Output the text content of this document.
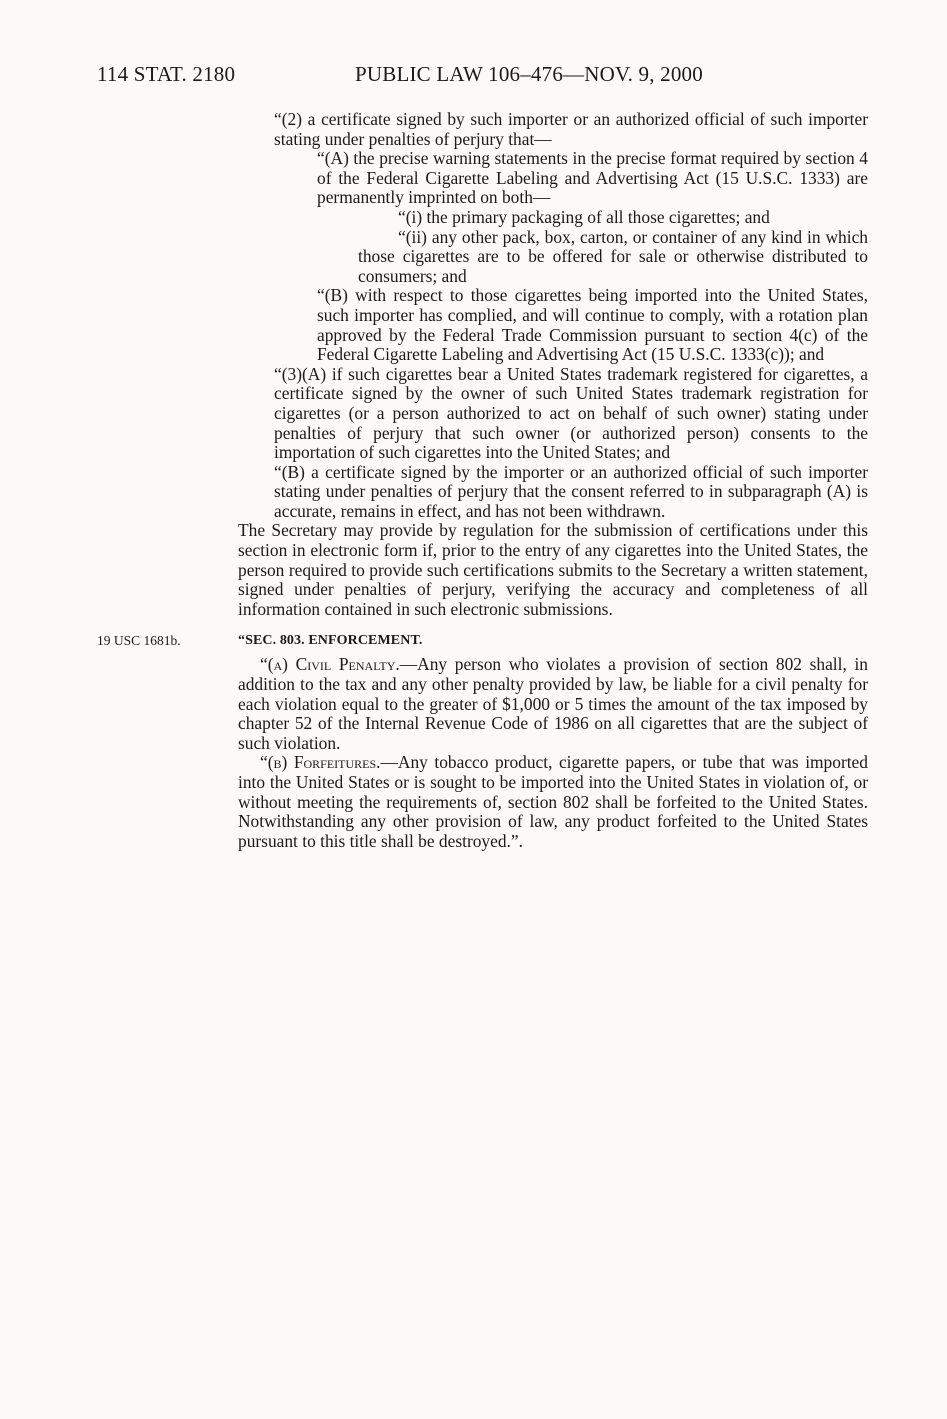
114 STAT. 2180	PUBLIC LAW 106–476—NOV. 9, 2000

“(2) a certificate signed by such importer or an authorized official of such importer stating under penalties of perjury that—

“(A) the precise warning statements in the precise format required by section 4 of the Federal Cigarette Labeling and Advertising Act (15 U.S.C. 1333) are permanently imprinted on both—

“(i) the primary packaging of all those cigarettes; and

“(ii) any other pack, box, carton, or container of any kind in which those cigarettes are to be offered for sale or otherwise distributed to consumers; and

“(B) with respect to those cigarettes being imported into the United States, such importer has complied, and will continue to comply, with a rotation plan approved by the Federal Trade Commission pursuant to section 4(c) of the Federal Cigarette Labeling and Advertising Act (15 U.S.C. 1333(c)); and

“(3)(A) if such cigarettes bear a United States trademark registered for cigarettes, a certificate signed by the owner of such United States trademark registration for cigarettes (or a person authorized to act on behalf of such owner) stating under penalties of perjury that such owner (or authorized person) consents to the importation of such cigarettes into the United States; and

“(B) a certificate signed by the importer or an authorized official of such importer stating under penalties of perjury that the consent referred to in subparagraph (A) is accurate, remains in effect, and has not been withdrawn.

The Secretary may provide by regulation for the submission of certifications under this section in electronic form if, prior to the entry of any cigarettes into the United States, the person required to provide such certifications submits to the Secretary a written statement, signed under penalties of perjury, verifying the accuracy and completeness of all information contained in such electronic submissions.

19 USC 1681b.	“SEC. 803. ENFORCEMENT.

“(a) Civil Penalty.—Any person who violates a provision of section 802 shall, in addition to the tax and any other penalty provided by law, be liable for a civil penalty for each violation equal to the greater of $1,000 or 5 times the amount of the tax imposed by chapter 52 of the Internal Revenue Code of 1986 on all cigarettes that are the subject of such violation.

“(b) Forfeitures.—Any tobacco product, cigarette papers, or tube that was imported into the United States or is sought to be imported into the United States in violation of, or without meeting the requirements of, section 802 shall be forfeited to the United States. Notwithstanding any other provision of law, any product forfeited to the United States pursuant to this title shall be destroyed.”.
